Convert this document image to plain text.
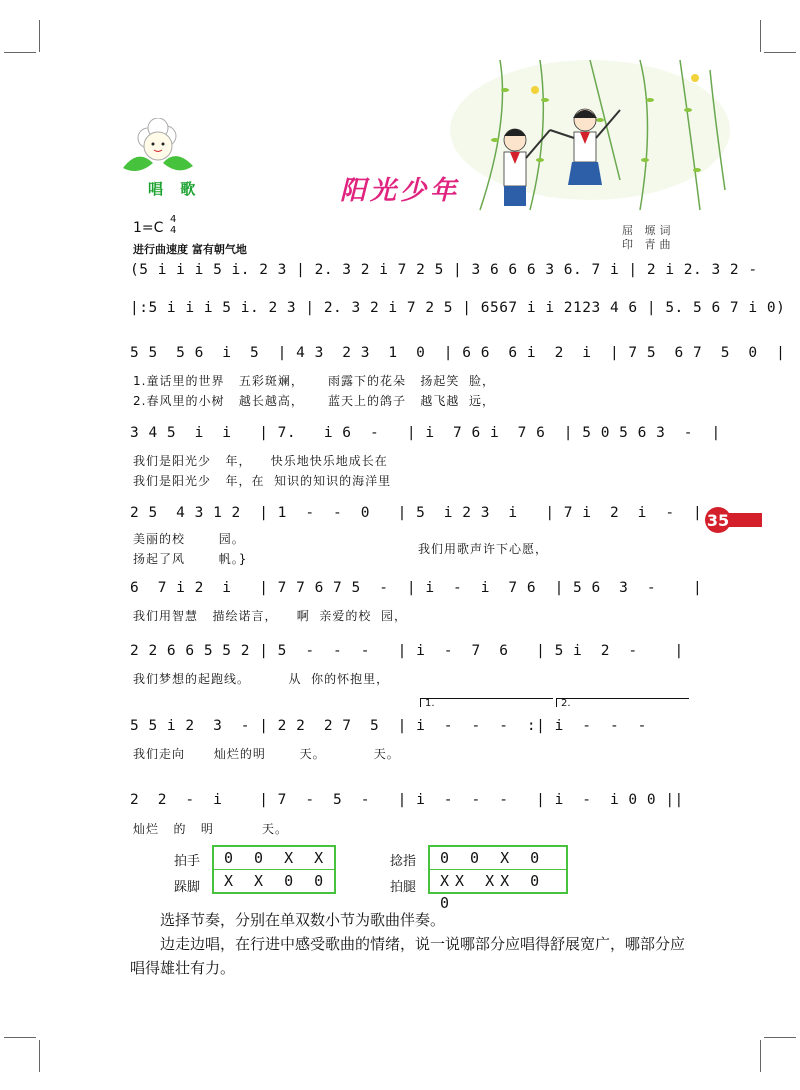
唱 歌	阳光少年
1=C
4
4
进行曲速度 富有朝气地
屈 塬词
印 青曲
(5 i i i 5 i. 2 3 | 2. 3 2 i 7 2 5 | 3 6 6 6 3 6. 7 i | 2 i 2. 3 2 -
|:5 i i i 5 i. 2 3 | 2. 3 2 i 7 2 5 | 6567 i i 2123 4 6 | 5. 5 6 7 i 0)
5 5  5 6  i  5  | 4 3  2 3  1  0  | 6 6  6 i  2  i  | 7 5  6 7  5  0  |
1.童话里的世界   五彩斑斓，     雨露下的花朵   扬起笑  脸，
2.春风里的小树   越长越高，     蓝天上的鸽子   越飞越  远，
3 4 5  i  i   | 7.   i 6  -   | i  7 6 i  7 6  | 5 0 5 6 3  -  |
我们是阳光少   年，    快乐地快乐地成长在
我们是阳光少   年，在  知识的知识的海洋里
2 5  4 3 1 2  | 1  -  -  0   | 5  i 2 3  i   | 7 i  2  i  -  |
美丽的校       园。
扬起了风       帆。}
我们用歌声许下心愿，
6  7 i 2  i   | 7 7 6 7 5  -  | i  -  i  7 6  | 5 6  3  -    |
我们用智慧   描绘诺言，    啊  亲爱的校  园，
2 2 6 6 5 5 2 | 5  -  -  -   | i  -  7  6   | 5 i  2  -    |
我们梦想的起跑线。        从  你的怀抱里，
1.	2.
5 5 i 2  3  - | 2 2  2 7  5  | i  -  -  -  :| i  -  -  -
我们走向      灿烂的明       天。          天。
2  2  -  i    | 7  -  5  -   | i  -  -  -   | i  -  i 0 0 ||
灿烂   的   明          天。
35
拍手
跺脚
0 0 X X
X X 0 0
捻指
拍腿
0 0 X 0
XX XX 0 0
选择节奏，分别在单双数小节为歌曲伴奏。
边走边唱，在行进中感受歌曲的情绪，说一说哪部分应唱得舒展宽广，哪部分应唱得雄壮有力。
